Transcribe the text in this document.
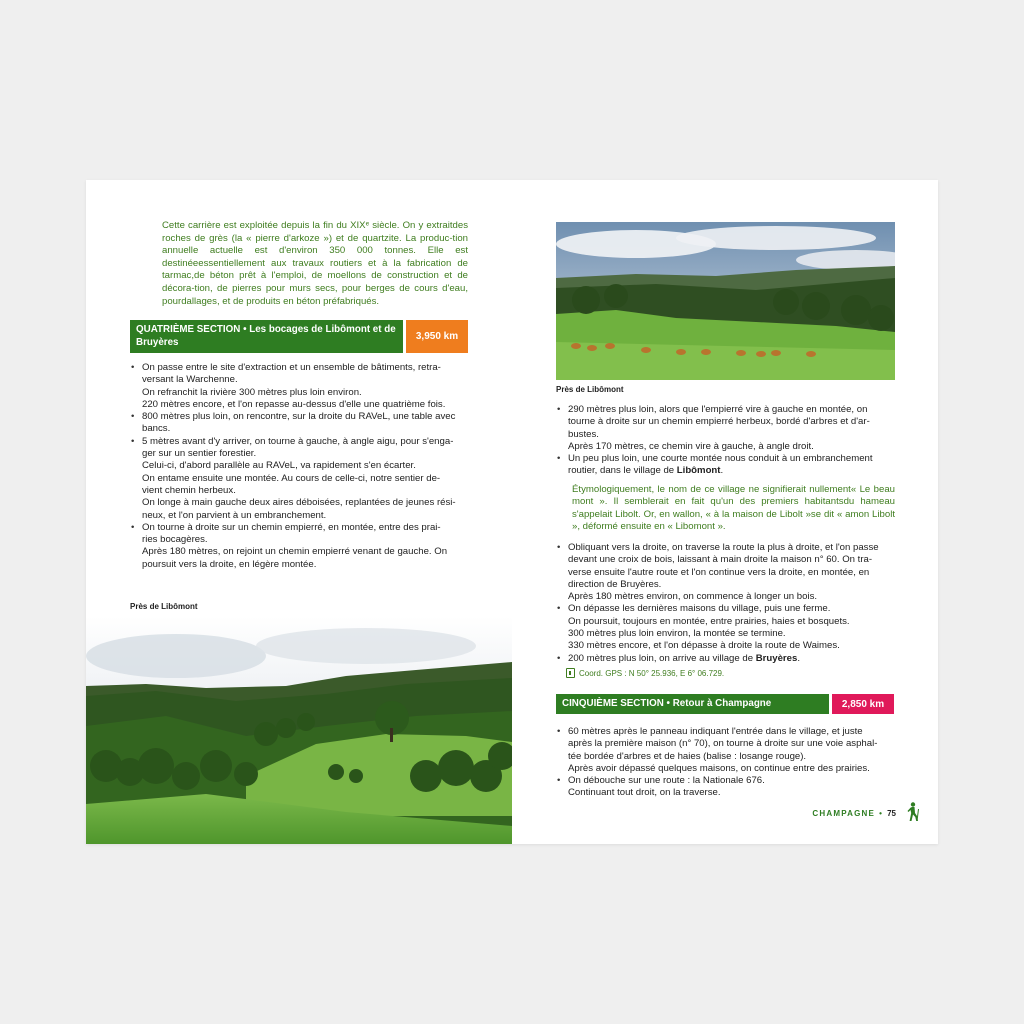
Cette carrière est exploitée depuis la fin du XIXᵉ siècle. On y extraitdes roches de grès (la « pierre d'arkoze ») et de quartzite. La produc-tion annuelle actuelle est d'environ 350 000 tonnes. Elle est destinéeessentiellement aux travaux routiers et à la fabrication de tarmac,de béton prêt à l'emploi, de moellons de construction et de décora-tion, de pierres pour murs secs, pour berges de cours d'eau, pourdallages, et de produits en béton préfabriqués.
QUATRIÈME SECTION • Les bocages de Libômont et de
Bruyères	3,950 km
• On passe entre le site d'extraction et un ensemble de bâtiments, retra-
versant la Warchenne.
On refranchit la rivière 300 mètres plus loin environ.
220 mètres encore, et l'on repasse au-dessus d'elle une quatrième fois.
• 800 mètres plus loin, on rencontre, sur la droite du RAVeL, une table avec
bancs.
• 5 mètres avant d'y arriver, on tourne à gauche, à angle aigu, pour s'enga-
ger sur un sentier forestier.
Celui-ci, d'abord parallèle au RAVeL, va rapidement s'en écarter.
On entame ensuite une montée. Au cours de celle-ci, notre sentier de-
vient chemin herbeux.
On longe à main gauche deux aires déboisées, replantées de jeunes rési-
neux, et l'on parvient à un embranchement.
• On tourne à droite sur un chemin empierré, en montée, entre des prai-
ries bocagères.
Après 180 mètres, on rejoint un chemin empierré venant de gauche. On
poursuit vers la droite, en légère montée.
Près de Libômont
Près de Libômont
• 290 mètres plus loin, alors que l'empierré vire à gauche en montée, on
tourne à droite sur un chemin empierré herbeux, bordé d'arbres et d'ar-
bustes.
Après 170 mètres, ce chemin vire à gauche, à angle droit.
• Un peu plus loin, une courte montée nous conduit à un embranchement
routier, dans le village de Libômont.
Étymologiquement, le nom de ce village ne signifierait nullement« Le beau mont ». Il semblerait en fait qu'un des premiers habitantsdu hameau s'appelait Libolt. Or, en wallon, « à la maison de Libolt »se dit « amon Libolt », déformé ensuite en « Libomont ».
• Obliquant vers la droite, on traverse la route la plus à droite, et l'on passe
devant une croix de bois, laissant à main droite la maison n° 60. On tra-
verse ensuite l'autre route et l'on continue vers la droite, en montée, en
direction de Bruyères.
Après 180 mètres environ, on commence à longer un bois.
• On dépasse les dernières maisons du village, puis une ferme.
On poursuit, toujours en montée, entre prairies, haies et bosquets.
300 mètres plus loin environ, la montée se termine.
330 mètres encore, et l'on dépasse à droite la route de Waimes.
• 200 mètres plus loin, on arrive au village de Bruyères.
Coord. GPS : N 50° 25.936, E 6° 06.729.
CINQUIÈME SECTION • Retour à Champagne	2,850 km
• 60 mètres après le panneau indiquant l'entrée dans le village, et juste
après la première maison (n° 70), on tourne à droite sur une voie asphal-
tée bordée d'arbres et de haies (balise : losange rouge).
Après avoir dépassé quelques maisons, on continue entre des prairies.
• On débouche sur une route : la Nationale 676.
Continuant tout droit, on la traverse.
CHAMPAGNE • 75
